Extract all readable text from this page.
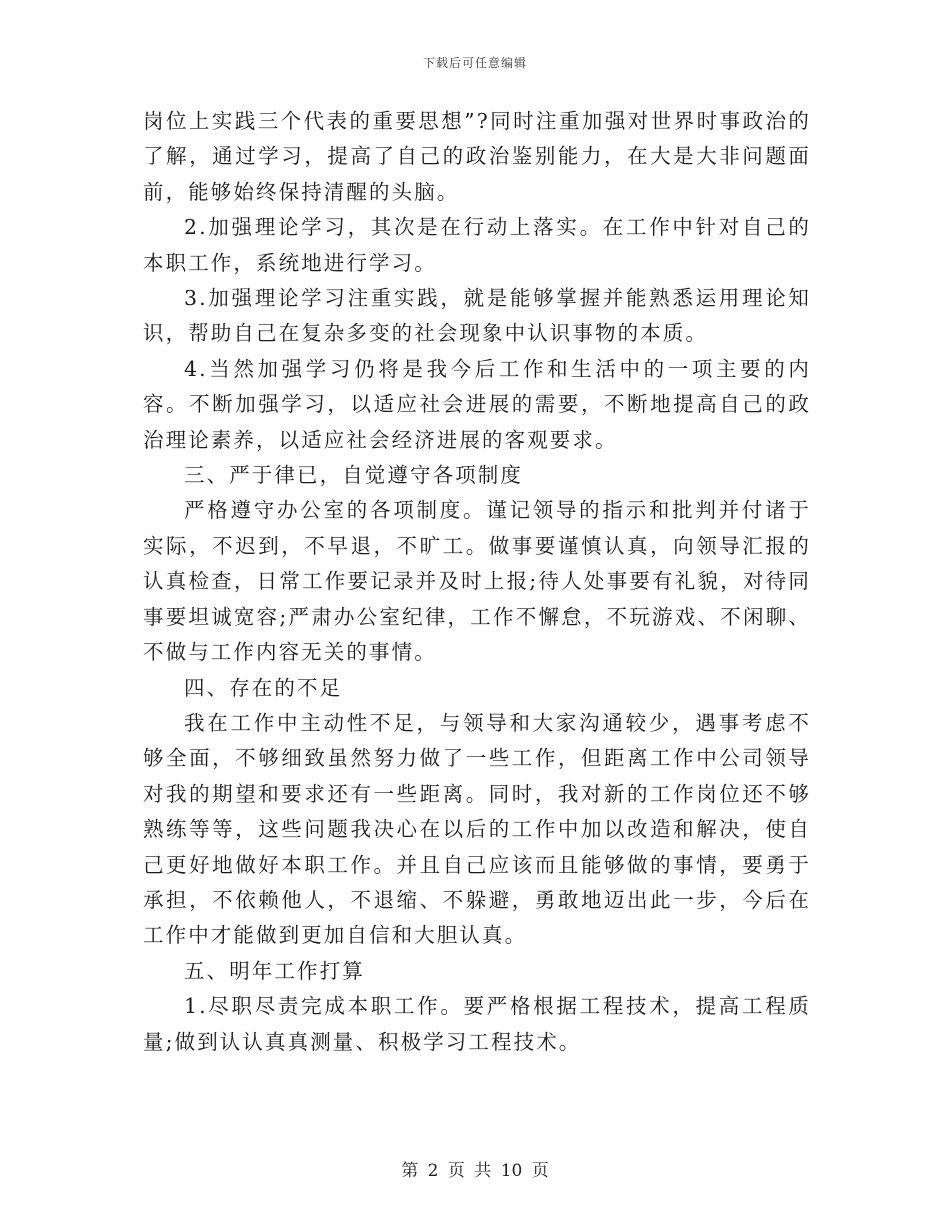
下载后可任意编辑

岗位上实践三个代表的重要思想”?同时注重加强对世界时事政治的了解，通过学习，提高了自己的政治鉴别能力，在大是大非问题面前，能够始终保持清醒的头脑。

2.加强理论学习，其次是在行动上落实。在工作中针对自己的本职工作，系统地进行学习。

3.加强理论学习注重实践，就是能够掌握并能熟悉运用理论知识，帮助自己在复杂多变的社会现象中认识事物的本质。

4.当然加强学习仍将是我今后工作和生活中的一项主要的内容。不断加强学习，以适应社会进展的需要，不断地提高自己的政治理论素养，以适应社会经济进展的客观要求。

三、严于律已，自觉遵守各项制度

严格遵守办公室的各项制度。谨记领导的指示和批判并付诸于实际，不迟到，不早退，不旷工。做事要谨慎认真，向领导汇报的认真检查，日常工作要记录并及时上报;待人处事要有礼貌，对待同事要坦诚宽容;严肃办公室纪律，工作不懈怠，不玩游戏、不闲聊、不做与工作内容无关的事情。

四、存在的不足

我在工作中主动性不足，与领导和大家沟通较少，遇事考虑不够全面，不够细致虽然努力做了一些工作，但距离工作中公司领导对我的期望和要求还有一些距离。同时，我对新的工作岗位还不够熟练等等，这些问题我决心在以后的工作中加以改造和解决，使自己更好地做好本职工作。并且自己应该而且能够做的事情，要勇于承担，不依赖他人，不退缩、不躲避，勇敢地迈出此一步，今后在工作中才能做到更加自信和大胆认真。

五、明年工作打算

1.尽职尽责完成本职工作。要严格根据工程技术，提高工程质量;做到认认真真测量、积极学习工程技术。

第 2 页 共 10 页
